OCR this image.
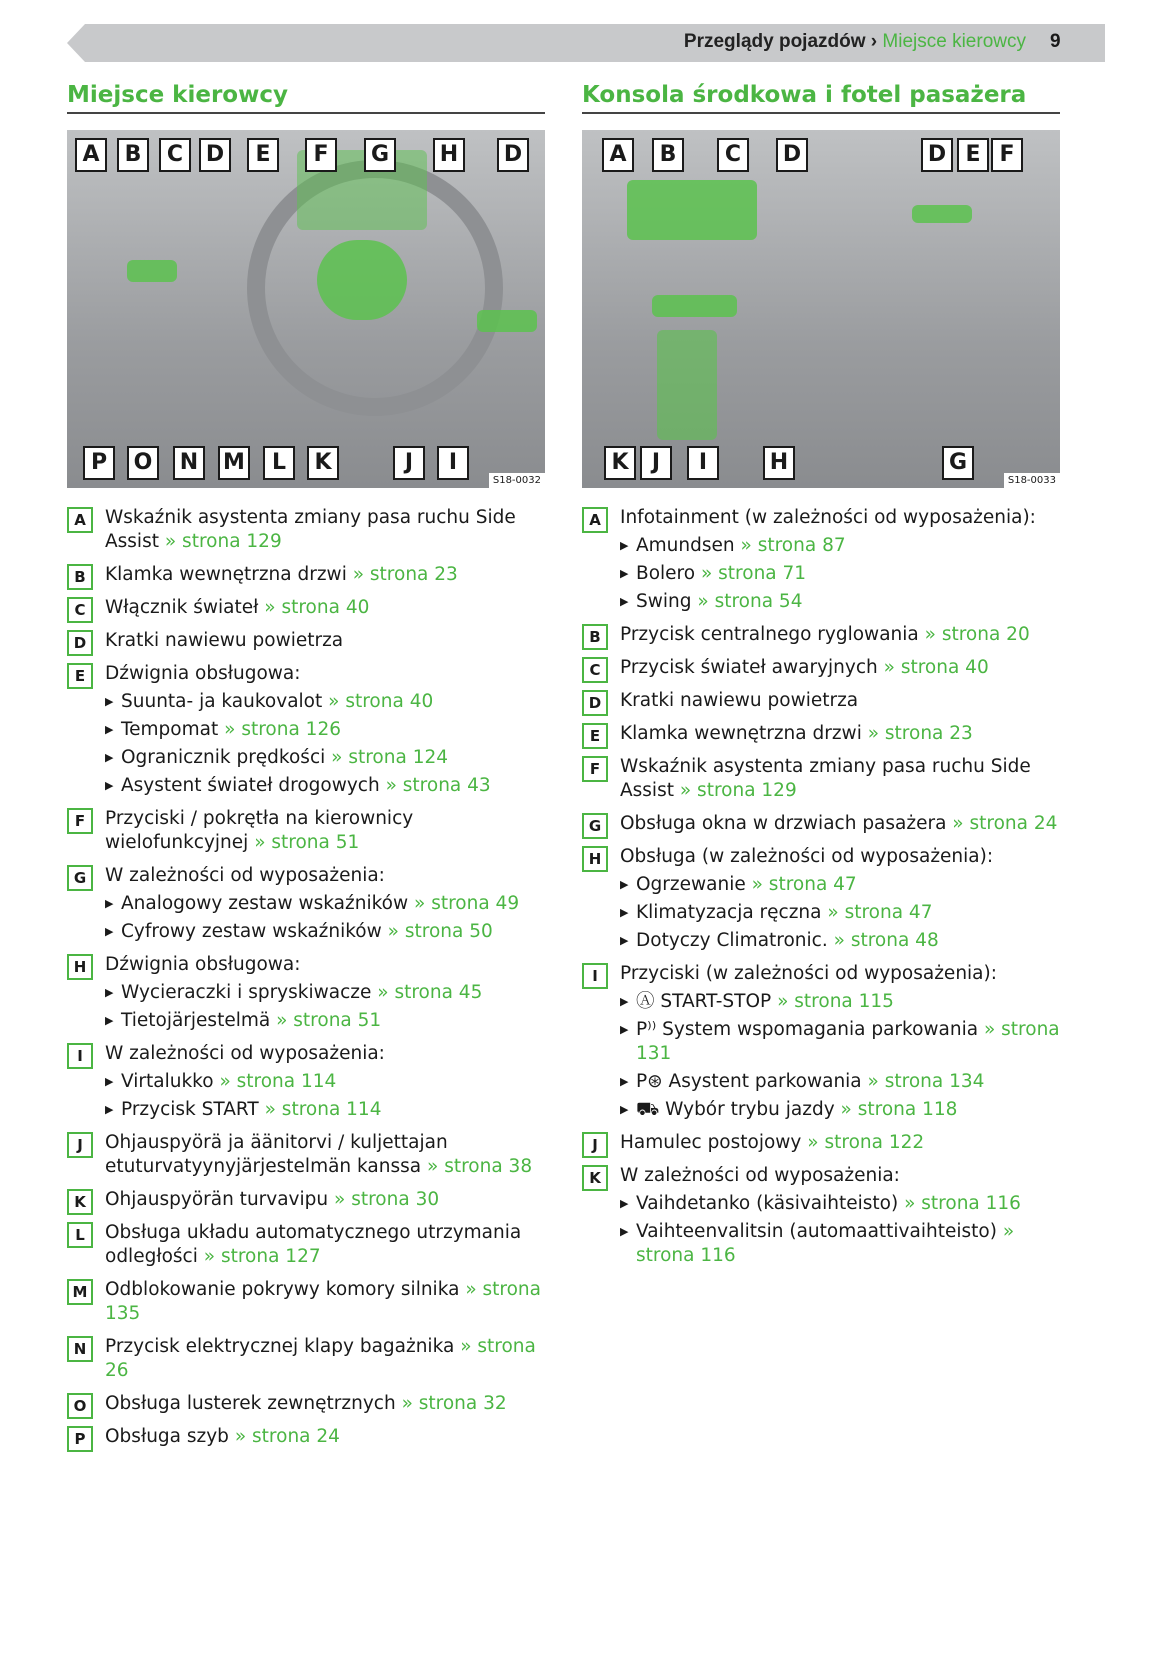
Przeglądy pojazdów › Miejsce kierowcy 9
Miejsce kierowcy
S18-0032
A	B	C	D	E	F	G	H	D
P	O	N	M	L	K	J	I
A	Wskaźnik asystenta zmiany pasa ruchu Side Assist » strona 129
B	Klamka wewnętrzna drzwi » strona 23
C	Włącznik świateł » strona 40
D	Kratki nawiewu powietrza
E	Dźwignia obsługowa:
▶ Suunta- ja kaukovalot » strona 40
▶ Tempomat » strona 126
▶ Ogranicznik prędkości » strona 124
▶ Asystent świateł drogowych » strona 43
F	Przyciski / pokrętła na kierownicy wielofunkcyjnej » strona 51
G	W zależności od wyposażenia:
▶ Analogowy zestaw wskaźników » strona 49
▶ Cyfrowy zestaw wskaźników » strona 50
H	Dźwignia obsługowa:
▶ Wycieraczki i spryskiwacze » strona 45
▶ Tietojärjestelmä » strona 51
I	W zależności od wyposażenia:
▶ Virtalukko » strona 114
▶ Przycisk START » strona 114
J	Ohjauspyörä ja äänitorvi / kuljettajan etuturvatyynyjärjestelmän kanssa » strona 38
K	Ohjauspyörän turvavipu » strona 30
L	Obsługa układu automatycznego utrzymania odległości » strona 127
M Odblokowanie pokrywy komory silnika » strona 135
N	Przycisk elektrycznej klapy bagażnika » strona 26
O	Obsługa lusterek zewnętrznych » strona 32
P	Obsługa szyb » strona 24
Konsola środkowa i fotel pasażera
S18-0033
A	B	C	D	D E F
K	J	I	H	G
A	Infotainment (w zależności od wyposażenia):
▶ Amundsen » strona 87
▶ Bolero » strona 71
▶ Swing » strona 54
B	Przycisk centralnego ryglowania » strona 20
C	Przycisk świateł awaryjnych » strona 40
D	Kratki nawiewu powietrza
E	Klamka wewnętrzna drzwi » strona 23
F	Wskaźnik asystenta zmiany pasa ruchu Side Assist » strona 129
G	Obsługa okna w drzwiach pasażera » strona 24
H	Obsługa (w zależności od wyposażenia):
▶ Ogrzewanie » strona 47
▶ Klimatyzacja ręczna » strona 47
▶ Dotyczy Climatronic. » strona 48
I	Przyciski (w zależności od wyposażenia):
▶ Ⓐ START-STOP » strona 115
▶ P⁾⁾ System wspomagania parkowania » strona 131
▶ P⊛ Asystent parkowania » strona 134
▶ ⛟ Wybór trybu jazdy » strona 118
J	Hamulec postojowy » strona 122
K	W zależności od wyposażenia:
▶ Vaihdetanko (käsivaihteisto) » strona 116
▶ Vaihteenvalitsin (automaattivaihteisto) » strona 116
